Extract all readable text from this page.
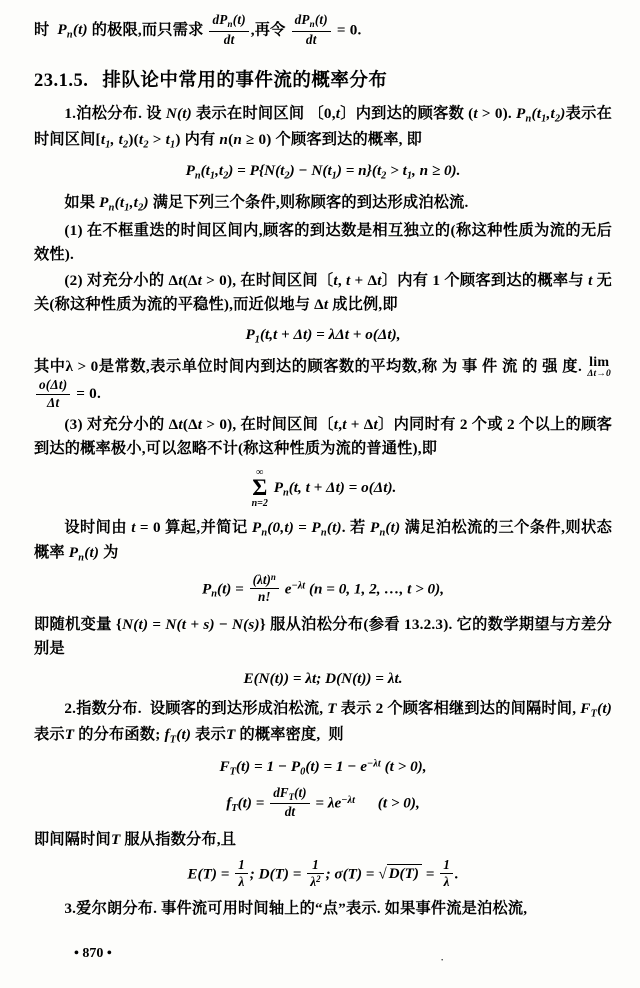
时  $P_n(t)$ 的极限,而只需求 $\frac{dP_n(t)}{dt}$ ,再令 $\frac{dP_n(t)}{dt} = 0$.

23.1.5. 排队论中常用的事件流的概率分布

1.泊松分布. 设 N(t) 表示在时间区间 〔0,t〕内到达的顾客数 (t > 0). $P_n(t_1,t_2)$表示在时间区间[$t_1$, $t_2)(t_2 > t_1)$ 内有 n(n ≥ 0) 个顾客到达的概率, 即

$P_n(t_1,t_2) = P\{N(t_2) - N(t_1) = n\}(t_2 > t_1$, n ≥ 0).

如果 $P_n(t_1,t_2)$ 满足下列三个条件,则称顾客的到达形成泊松流.

(1) 在不框重迭的时间区间内,顾客的到达数是相互独立的(称这种性质为流的无后效性).

(2) 对充分小的 Δt(Δt > 0), 在时间区间〔t, t + Δt〕内有 1 个顾客到达的概率与 t 无关(称这种性质为流的平稳性),而近似地与 Δt 成比例,即

$P_1(t,t + \Delta t) = \lambda\Delta t + o(\Delta t)$,

其中λ > 0是常数,表示单位时间内到达的顾客数的平均数,称 为 事 件 流 的 强 度. lim
Δt→0

$\frac{o(\Delta t)}{\Delta t} = 0$.

(3) 对充分小的 Δt(Δt > 0), 在时间区间〔t,t + Δt〕内同时有 2 个或 2 个以上的顾客到达的概率极小,可以忽略不计(称这种性质为流的普通性),即

∞
Σ
n=2
$P_n(t$, t + Δt) = o(Δt).

设时间由 t = 0 算起,并简记 $P_n(0,t) = P_n(t)$. 若 $P_n(t)$ 满足泊松流的三个条件,则状态概率 $P_n(t)$ 为

$P_n(t) = \frac{(\lambda t)^n}{n!} e^{-\lambda t}$ (n = 0, 1, 2, …, t > 0),

即随机变量 {N(t) = N(t + s) − N(s)} 服从泊松分布(参看 13.2.3). 它的数学期望与方差分别是

E(N(t)) = λt; D(N(t)) = λt.

2.指数分布.  设顾客的到达形成泊松流, T 表示 2 个顾客相继到达的间隔时间, $F_T(t)$ 表示T 的分布函数; $f_T(t)$ 表示T 的概率密度,  则

$F_T(t) = 1 - P_0(t) = 1 - e^{-\lambda t}$ (t > 0),
$f_T(t) = \frac{dF_T(t)}{dt} = \lambda e^{-\lambda t}$      (t > 0),

即间隔时间T 服从指数分布,且

$E(T) = \frac{1}{\lambda}$ ; $D(T) = \frac{1}{\lambda^2}$ ; σ(T) = √ $D(T) = \frac{1}{\lambda}$ .

3.爱尔朗分布. 事件流可用时间轴上的“点”表示. 如果事件流是泊松流,

• 870 •	·
